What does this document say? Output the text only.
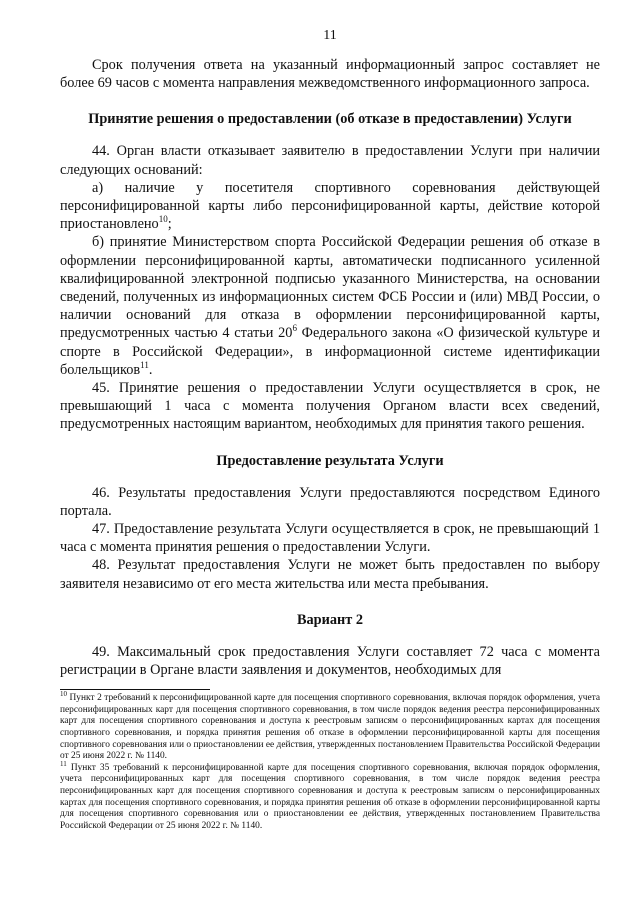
11

Срок получения ответа на указанный информационный запрос составляет не более 69 часов с момента направления межведомственного информационного запроса.

Принятие решения о предоставлении (об отказе в предоставлении) Услуги

44. Орган власти отказывает заявителю в предоставлении Услуги при наличии следующих оснований:

а) наличие у посетителя спортивного соревнования действующей персонифицированной карты либо персонифицированной карты, действие которой приостановлено$^{10}$;

б) принятие Министерством спорта Российской Федерации решения об отказе в оформлении персонифицированной карты, автоматически подписанного усиленной квалифицированной электронной подписью указанного Министерства, на основании сведений, полученных из информационных систем ФСБ России и (или) МВД России, о наличии оснований для отказа в оформлении персонифицированной карты, предусмотренных частью 4 статьи $20^6$ Федерального закона «О физической культуре и спорте в Российской Федерации», в информационной системе идентификации болельщиков$^{11}$.

45. Принятие решения о предоставлении Услуги осуществляется в срок, не превышающий 1 часа с момента получения Органом власти всех сведений, предусмотренных настоящим вариантом, необходимых для принятия такого решения.

Предоставление результата Услуги

46. Результаты предоставления Услуги предоставляются посредством Единого портала.

47. Предоставление результата Услуги осуществляется в срок, не превышающий 1 часа с момента принятия решения о предоставлении Услуги.

48. Результат предоставления Услуги не может быть предоставлен по выбору заявителя независимо от его места жительства или места пребывания.

Вариант 2

49. Максимальный срок предоставления Услуги составляет 72 часа с момента регистрации в Органе власти заявления и документов, необходимых для

$^{10}$ Пункт 2 требований к персонифицированной карте для посещения спортивного соревнования, включая порядок оформления, учета персонифицированных карт для посещения спортивного соревнования, в том числе порядок ведения реестра персонифицированных карт для посещения спортивного соревнования и доступа к реестровым записям о персонифицированных картах для посещения спортивного соревнования, и порядка принятия решения об отказе в оформлении персонифицированной карты для посещения спортивного соревнования или о приостановлении ее действия, утвержденных постановлением Правительства Российской Федерации от 25 июня 2022 г. № 1140.

$^{11}$ Пункт 35 требований к персонифицированной карте для посещения спортивного соревнования, включая порядок оформления, учета персонифицированных карт для посещения спортивного соревнования, в том числе порядок ведения реестра персонифицированных карт для посещения спортивного соревнования и доступа к реестровым записям о персонифицированных картах для посещения спортивного соревнования, и порядка принятия решения об отказе в оформлении персонифицированной карты для посещения спортивного соревнования или о приостановлении ее действия, утвержденных постановлением Правительства Российской Федерации от 25 июня 2022 г. № 1140.
